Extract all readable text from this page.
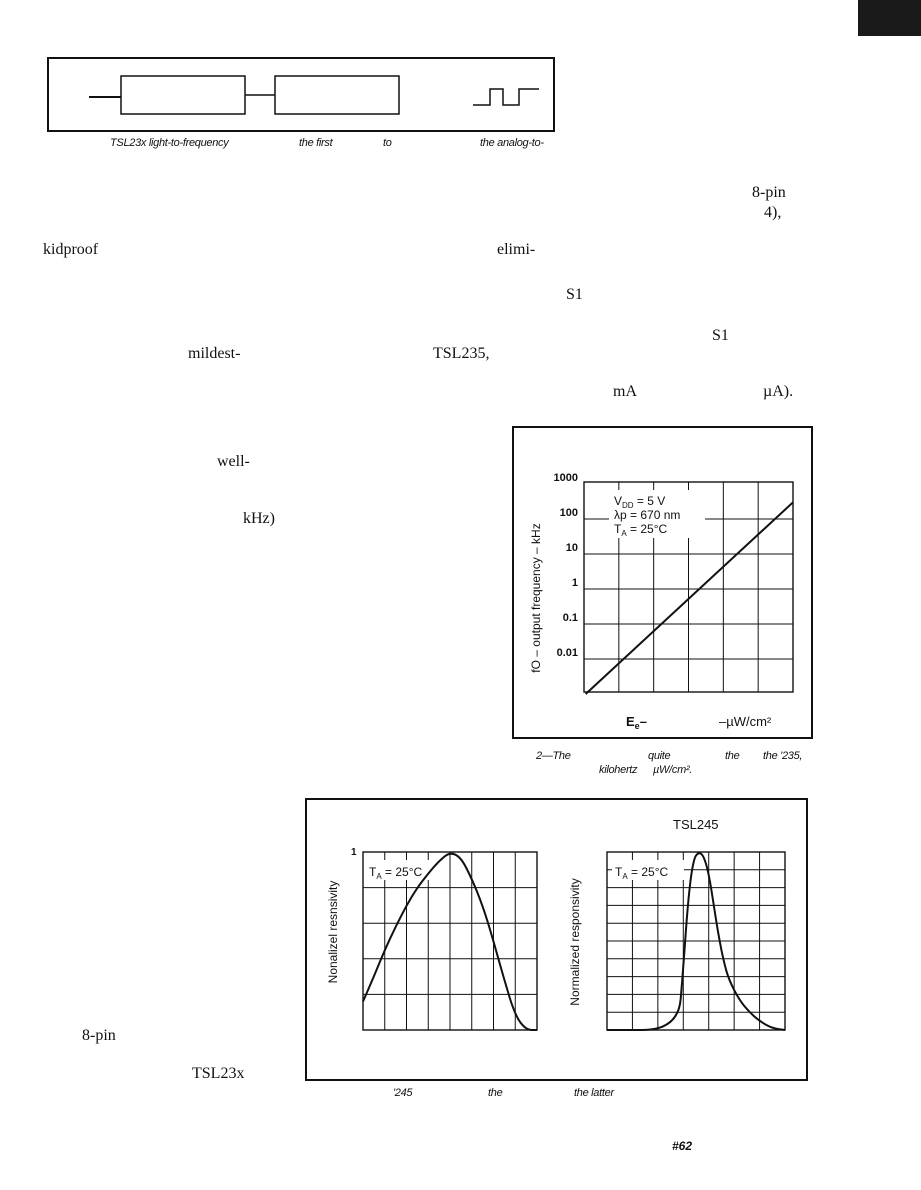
TSL23x light-to-frequency	the first	to	the analog-to-
8-pin
4),
kidproof	elimi-
S1
S1
mildest-	TSL235,
mA	µA).
well-
kHz)
8-pin
TSL23x
#62
1000
100
10
1
0.1
0.01
fO – output frequency – kHz
$V_{DD} = 5$ V
λp = 670 nm
$T_A = 25^\circ C$
$E_e-$	–µW/cm²
2—The	quite	the the '235,
kilohertz µW/cm².
TSL245
1
Nonalizel resnsivity
$T_A = 25^\circ C$
Normalized responsivity
$T_A = 25^\circ C$
'245	the	the latter
